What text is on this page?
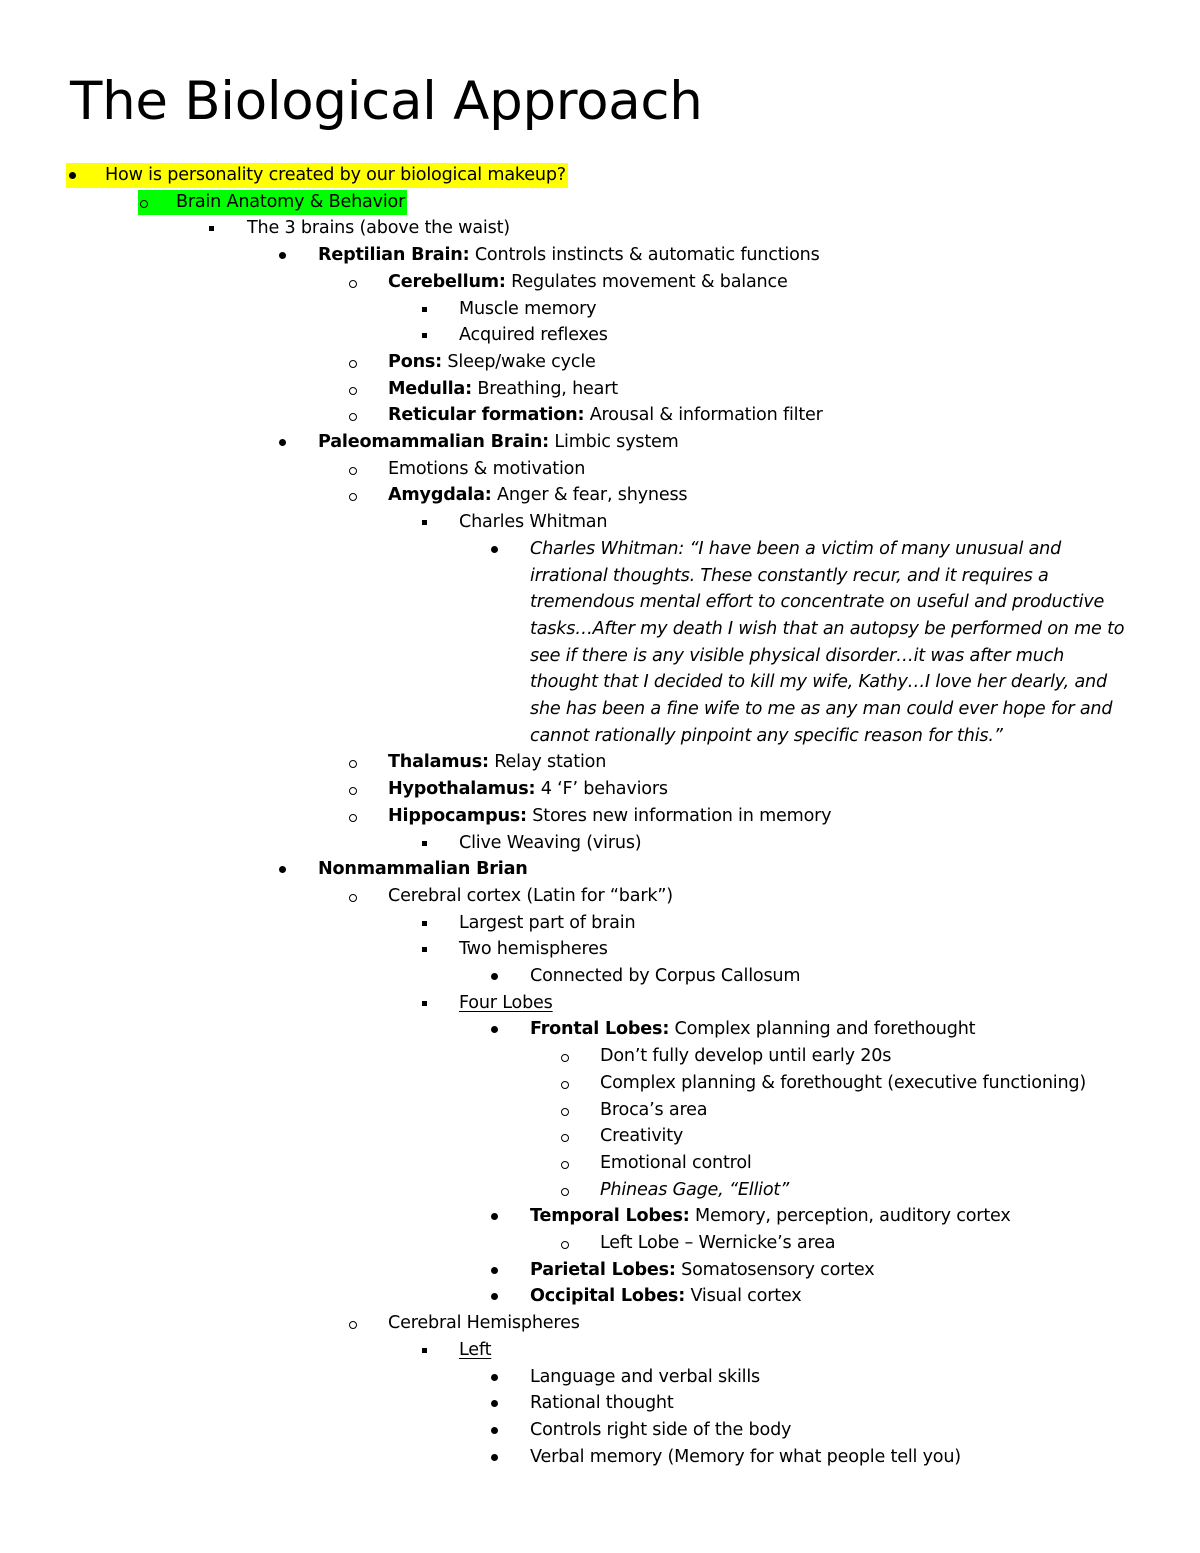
The Biological Approach
How is personality created by our biological makeup?
Brain Anatomy & Behavior
The 3 brains (above the waist)
Reptilian Brain: Controls instincts & automatic functions
Cerebellum: Regulates movement & balance
Muscle memory
Acquired reflexes
Pons: Sleep/wake cycle
Medulla: Breathing, heart
Reticular formation: Arousal & information filter
Paleomammalian Brain: Limbic system
Emotions & motivation
Amygdala: Anger & fear, shyness
Charles Whitman
Charles Whitman: “I have been a victim of many unusual and
irrational thoughts. These constantly recur, and it requires a
tremendous mental effort to concentrate on useful and productive
tasks…After my death I wish that an autopsy be performed on me to
see if there is any visible physical disorder…it was after much
thought that I decided to kill my wife, Kathy…I love her dearly, and
she has been a fine wife to me as any man could ever hope for and
cannot rationally pinpoint any specific reason for this.”
Thalamus: Relay station
Hypothalamus: 4 ‘F’ behaviors
Hippocampus: Stores new information in memory
Clive Weaving (virus)
Nonmammalian Brian
Cerebral cortex (Latin for “bark”)
Largest part of brain
Two hemispheres
Connected by Corpus Callosum
Four Lobes
Frontal Lobes: Complex planning and forethought
Don’t fully develop until early 20s
Complex planning & forethought (executive functioning)
Broca’s area
Creativity
Emotional control
Phineas Gage, “Elliot”
Temporal Lobes: Memory, perception, auditory cortex
Left Lobe – Wernicke’s area
Parietal Lobes: Somatosensory cortex
Occipital Lobes: Visual cortex
Cerebral Hemispheres
Left
Language and verbal skills
Rational thought
Controls right side of the body
Verbal memory (Memory for what people tell you)
